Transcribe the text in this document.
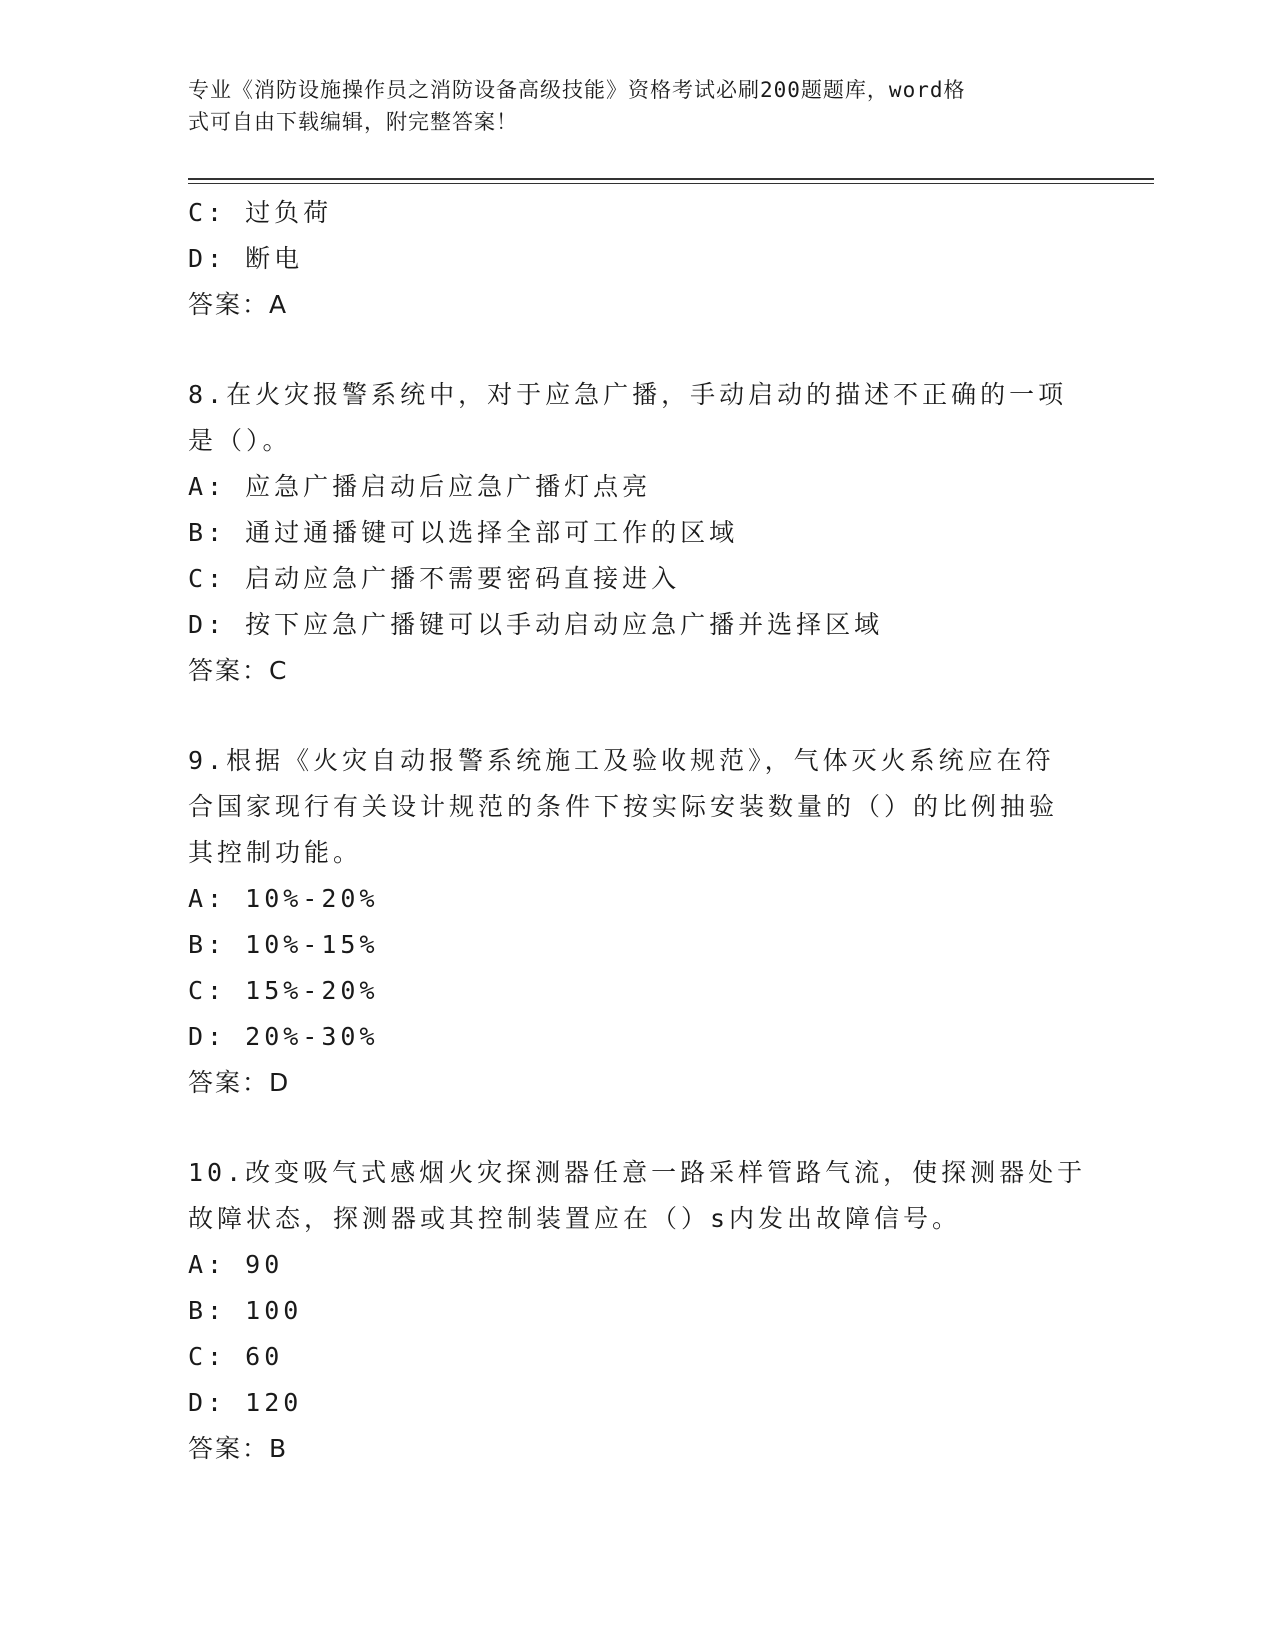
专业《消防设施操作员之消防设备高级技能》资格考试必刷200题题库，word格
式可自由下载编辑，附完整答案！
C: 过负荷
D: 断电
答案：A
8.在火灾报警系统中，对于应急广播，手动启动的描述不正确的一项
是（）。
A: 应急广播启动后应急广播灯点亮
B: 通过通播键可以选择全部可工作的区域
C: 启动应急广播不需要密码直接进入
D: 按下应急广播键可以手动启动应急广播并选择区域
答案：C
9.根据《火灾自动报警系统施工及验收规范》，气体灭火系统应在符
合国家现行有关设计规范的条件下按实际安装数量的（）的比例抽验
其控制功能。
A: 10%-20%
B: 10%-15%
C: 15%-20%
D: 20%-30%
答案：D
10.改变吸气式感烟火灾探测器任意一路采样管路气流，使探测器处于
故障状态，探测器或其控制装置应在（）s内发出故障信号。
A: 90
B: 100
C: 60
D: 120
答案：B
